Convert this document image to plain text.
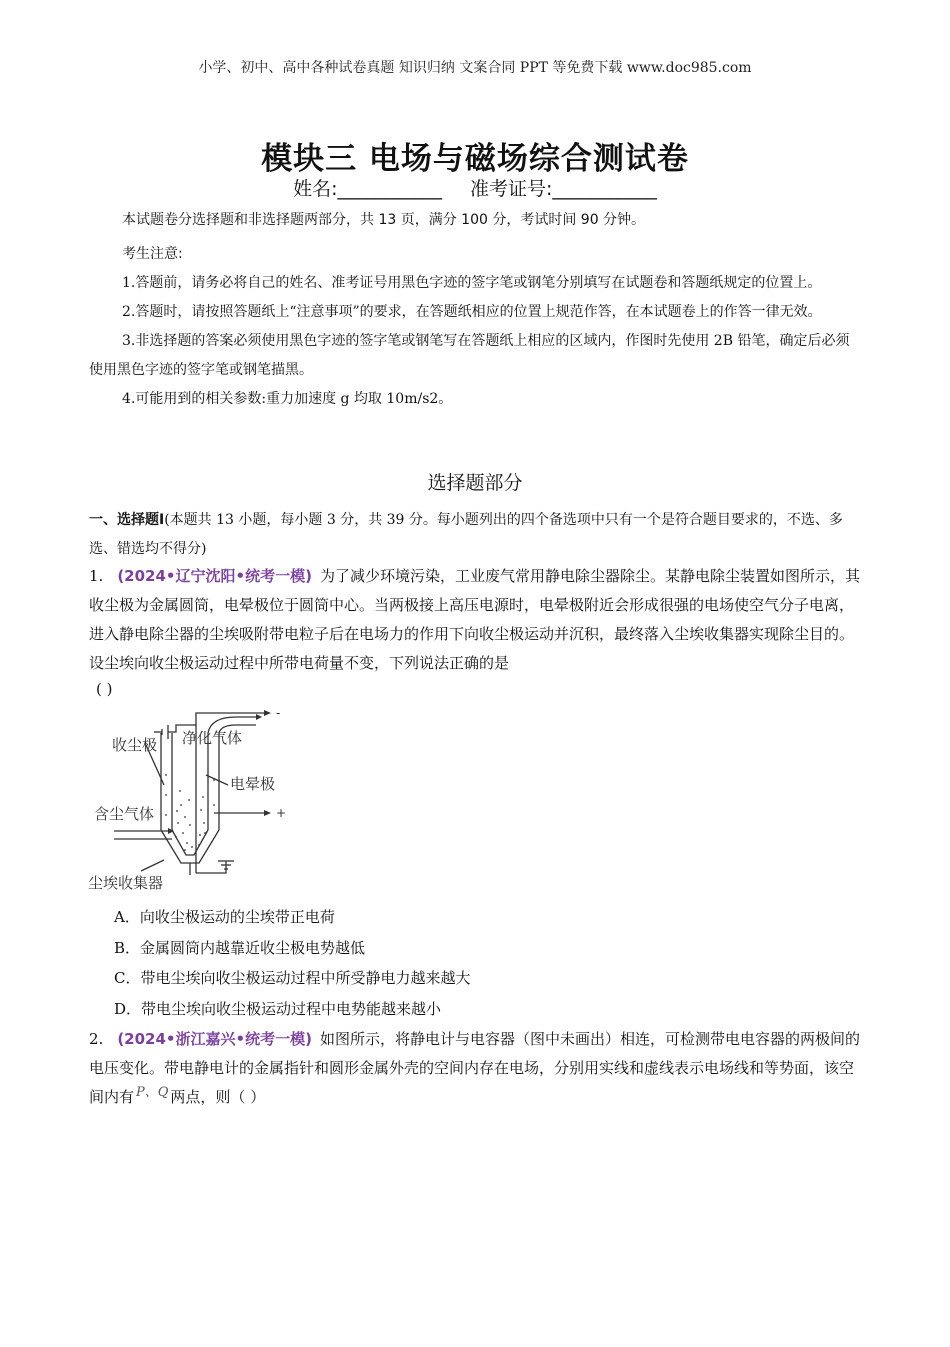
小学、初中、高中各种试卷真题 知识归纳 文案合同 PPT 等免费下载 www.doc985.com
模块三 电场与磁场综合测试卷
姓名:___________ 准考证号:___________
本试题卷分选择题和非选择题两部分，共 13 页，满分 100 分，考试时间 90 分钟。
考生注意:

1.答题前，请务必将自己的姓名、准考证号用黑色字迹的签字笔或钢笔分别填写在试题卷和答题纸规定的位置上。

2.答题时，请按照答题纸上“注意事项”的要求，在答题纸相应的位置上规范作答，在本试题卷上的作答一律无效。

3.非选择题的答案必须使用黑色字迹的签字笔或钢笔写在答题纸上相应的区域内，作图时先使用 2B 铅笔，确定后必须使用黑色字迹的签字笔或钢笔描黑。

4.可能用到的相关参数:重力加速度 g 均取 10m/s2。

选择题部分
一、选择题Ⅰ(本题共 13 小题，每小题 3 分，共 39 分。每小题列出的四个备选项中只有一个是符合题目要求的，不选、多选、错选均不得分)
1. (2024•辽宁沈阳•统考一模) 为了减少环境污染，工业废气常用静电除尘器除尘。某静电除尘装置如图所示，其收尘极为金属圆筒，电晕极位于圆筒中心。当两极接上高压电源时，电晕极附近会形成很强的电场使空气分子电离，进入静电除尘器的尘埃吸附带电粒子后在电场力的作用下向收尘极运动并沉积，最终落入尘埃收集器实现除尘目的。设尘埃向收尘极运动过程中所带电荷量不变，下列说法正确的是
( )
收尘极 净化气体
电晕极
含尘气体
尘埃收集器
-
+
A．向收尘极运动的尘埃带正电荷
B．金属圆筒内越靠近收尘极电势越低
C．带电尘埃向收尘极运动过程中所受静电力越来越大
D．带电尘埃向收尘极运动过程中电势能越来越小
2. (2024•浙江嘉兴•统考一模) 如图所示，将静电计与电容器（图中未画出）相连，可检测带电电容器的两极间的电压变化。带电静电计的金属指针和圆形金属外壳的空间内存在电场，分别用实线和虚线表示电场线和等势面，该空间内有 P、Q 两点，则（ ）
